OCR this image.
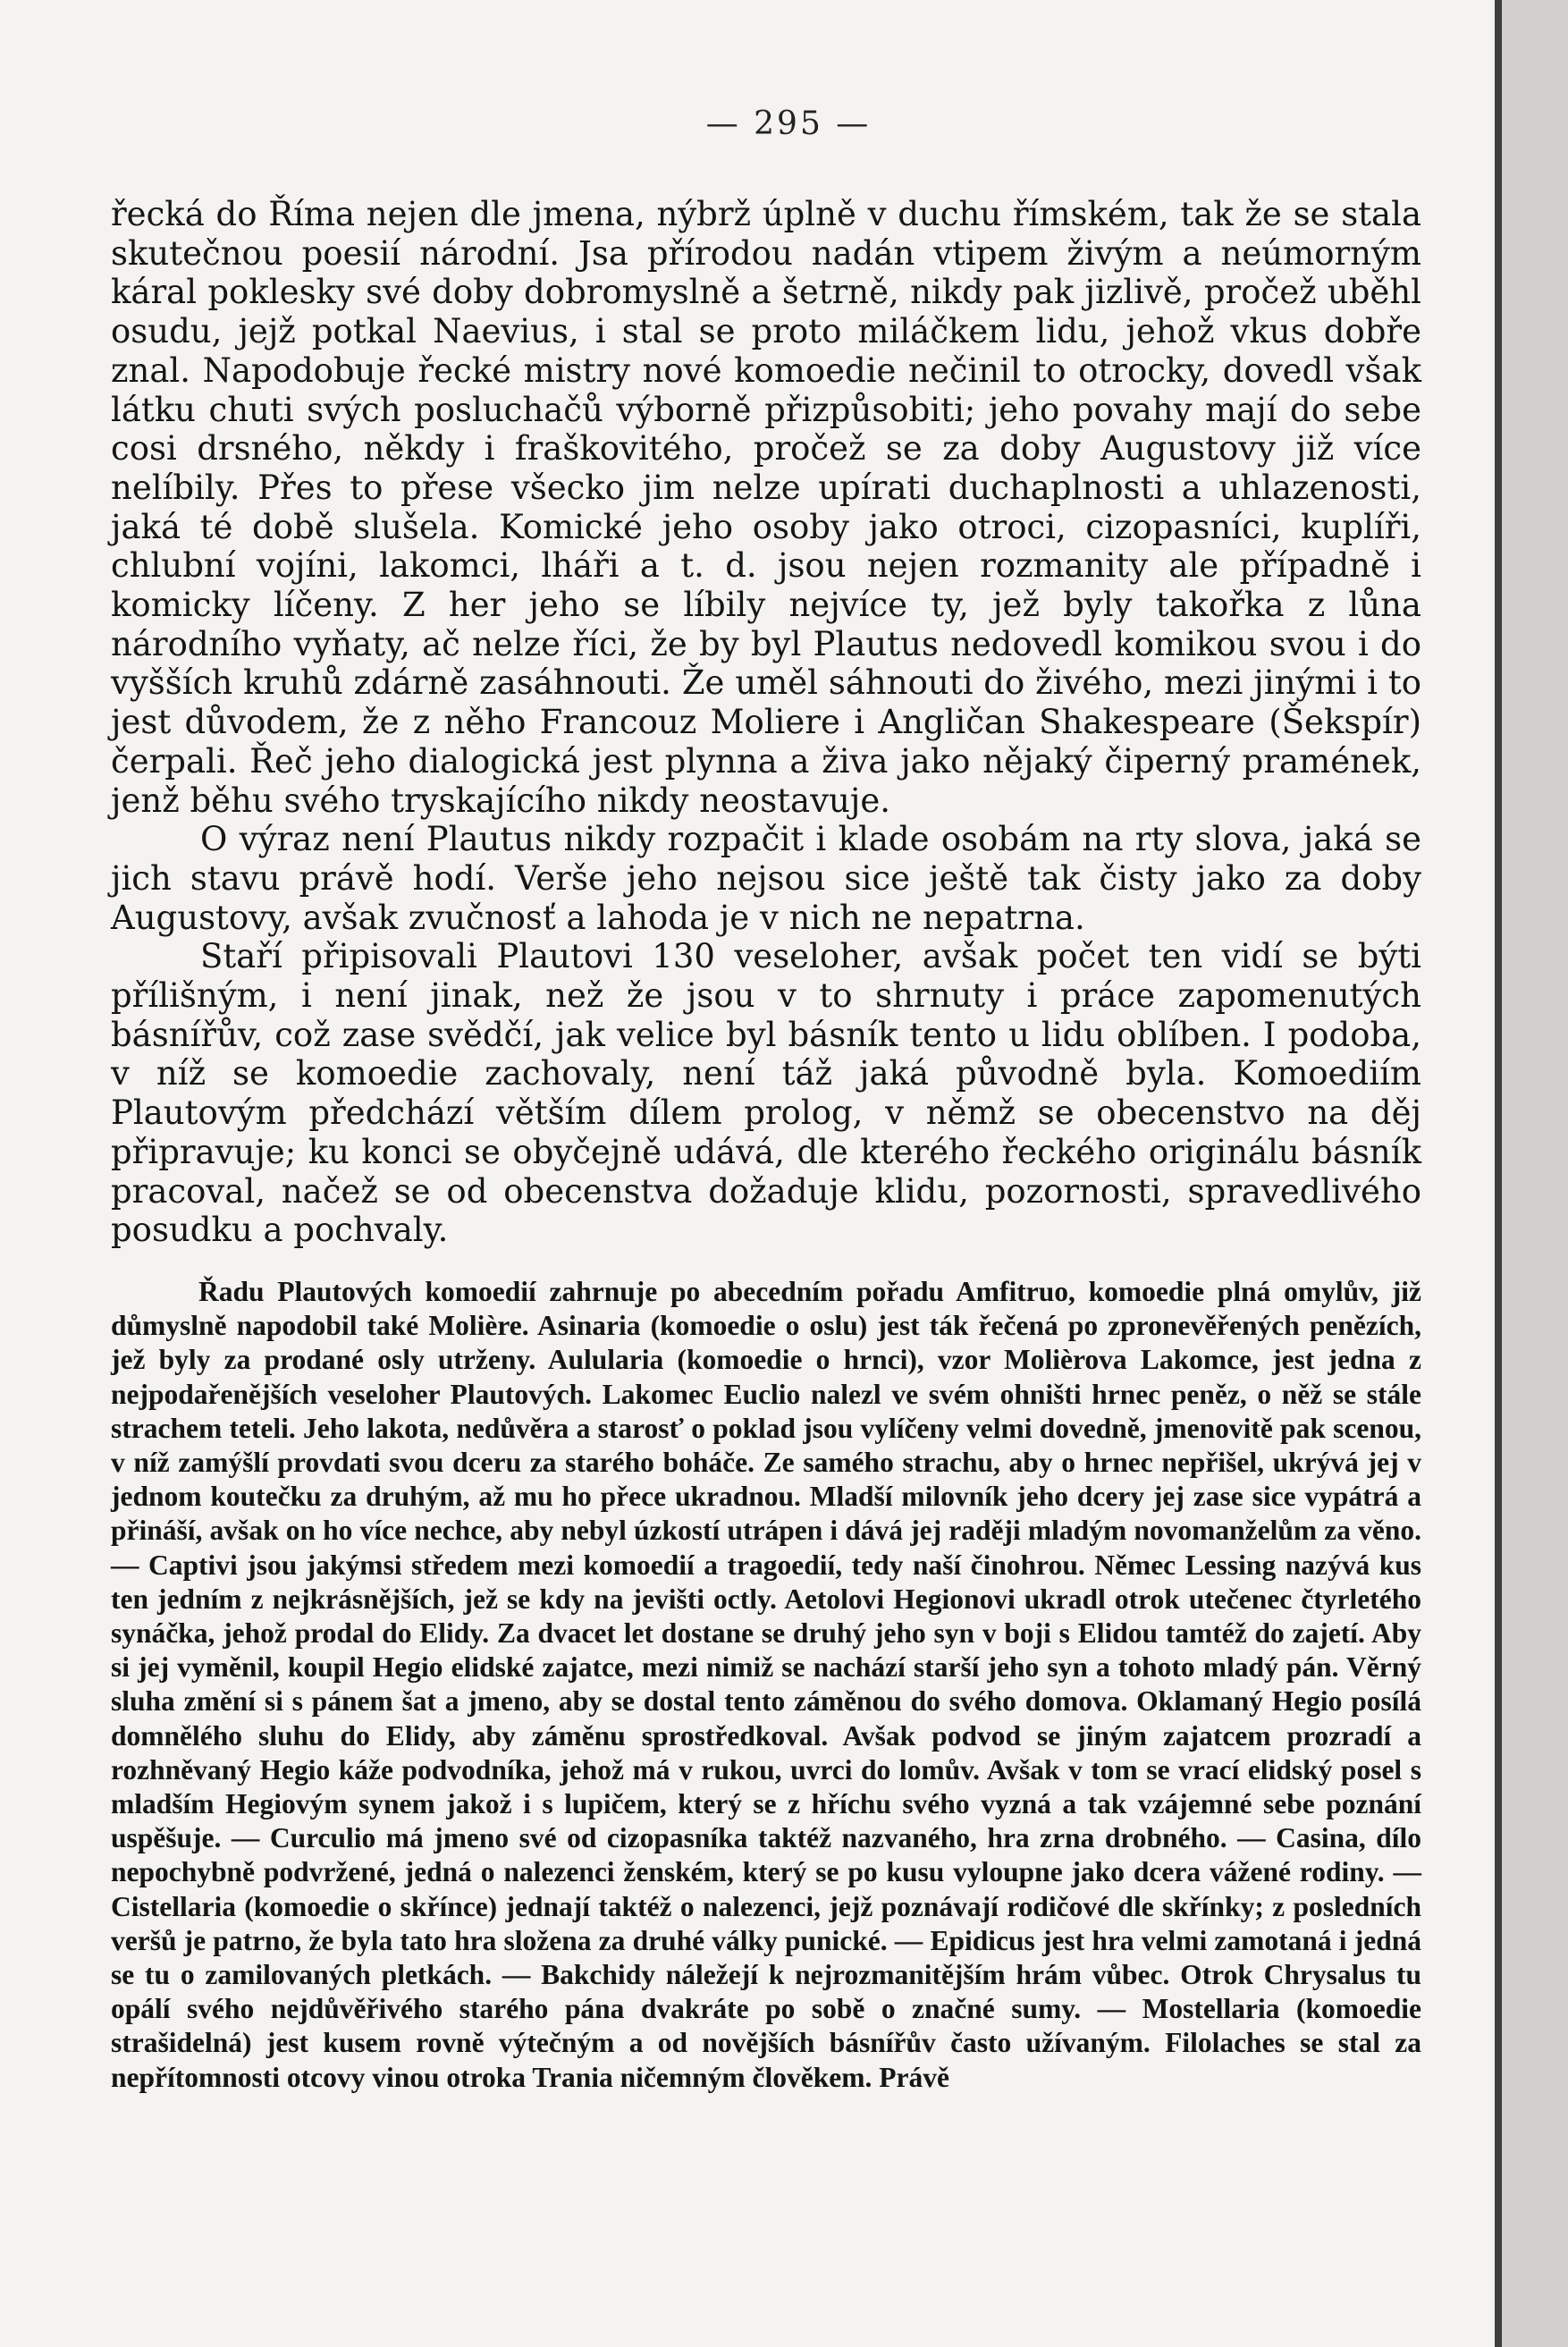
— 295 —

řecká do Říma nejen dle jmena, nýbrž úplně v duchu římském, tak že se stala skutečnou poesií národní. Jsa přírodou nadán vtipem živým a neúmorným káral poklesky své doby dobromyslně a šetrně, nikdy pak jizlivě, pročež uběhl osudu, jejž potkal Naevius, i stal se proto miláčkem lidu, jehož vkus dobře znal. Napodobuje řecké mistry nové komoedie nečinil to otrocky, dovedl však látku chuti svých posluchačů výborně přizpůsobiti; jeho povahy mají do sebe cosi drsného, někdy i fraškovitého, pročež se za doby Augustovy již více nelíbily. Přes to přese všecko jim nelze upírati duchaplnosti a uhlazenosti, jaká té době slušela. Komické jeho osoby jako otroci, cizopasníci, kuplíři, chlubní vojíni, lakomci, lháři a t. d. jsou nejen rozmanity ale případně i komicky líčeny. Z her jeho se líbily nejvíce ty, jež byly takořka z lůna národního vyňaty, ač nelze říci, že by byl Plautus nedovedl komikou svou i do vyšších kruhů zdárně zasáhnouti. Že uměl sáhnouti do živého, mezi jinými i to jest důvodem, že z něho Francouz Moliere i Angličan Shakespeare (Šekspír) čerpali. Řeč jeho dialogická jest plynna a živa jako nějaký čiperný pramének, jenž běhu svého tryskajícího nikdy neostavuje.

O výraz není Plautus nikdy rozpačit i klade osobám na rty slova, jaká se jich stavu právě hodí. Verše jeho nejsou sice ještě tak čisty jako za doby Augustovy, avšak zvučnosť a lahoda je v nich ne nepatrna.

Staří připisovali Plautovi 130 veseloher, avšak počet ten vidí se býti přílišným, i není jinak, než že jsou v to shrnuty i práce zapomenutých básnířův, což zase svědčí, jak velice byl básník tento u lidu oblíben. I podoba, v níž se komoedie zachovaly, není táž jaká původně byla. Komoediím Plautovým předchází větším dílem prolog, v němž se obecenstvo na děj připravuje; ku konci se obyčejně udává, dle kterého řeckého originálu básník pracoval, načež se od obecenstva dožaduje klidu, pozornosti, spravedlivého posudku a pochvaly.

Řadu Plautových komoedií zahrnuje po abecedním pořadu Amfitruo, komoedie plná omylův, již důmyslně napodobil také Molière. Asinaria (komoedie o oslu) jest ták řečená po zpronevěřených penězích, jež byly za prodané osly utrženy. Aulularia (komoedie o hrnci), vzor Molièrova Lakomce, jest jedna z nejpodařenějších veseloher Plautových. Lakomec Euclio nalezl ve svém ohništi hrnec peněz, o něž se stále strachem teteli. Jeho lakota, nedůvěra a starosť o poklad jsou vylíčeny velmi dovedně, jmenovitě pak scenou, v níž zamýšlí provdati svou dceru za starého boháče. Ze samého strachu, aby o hrnec nepřišel, ukrývá jej v jednom koutečku za druhým, až mu ho přece ukradnou. Mladší milovník jeho dcery jej zase sice vypátrá a přináší, avšak on ho více nechce, aby nebyl úzkostí utrápen i dává jej raději mladým novomanželům za věno. — Captivi jsou jakýmsi středem mezi komoedií a tragoedií, tedy naší činohrou. Němec Lessing nazývá kus ten jedním z nejkrásnějších, jež se kdy na jevišti octly. Aetolovi Hegionovi ukradl otrok utečenec čtyrletého synáčka, jehož prodal do Elidy. Za dvacet let dostane se druhý jeho syn v boji s Elidou tamtéž do zajetí. Aby si jej vyměnil, koupil Hegio elidské zajatce, mezi nimiž se nachází starší jeho syn a tohoto mladý pán. Věrný sluha změní si s pánem šat a jmeno, aby se dostal tento záměnou do svého domova. Oklamaný Hegio posílá domnělého sluhu do Elidy, aby záměnu sprostředkoval. Avšak podvod se jiným zajatcem prozradí a rozhněvaný Hegio káže podvodníka, jehož má v rukou, uvrci do lomův. Avšak v tom se vrací elidský posel s mladším Hegiovým synem jakož i s lupičem, který se z hříchu svého vyzná a tak vzájemné sebe poznání uspěšuje. — Curculio má jmeno své od cizopasníka taktéž nazvaného, hra zrna drobného. — Casina, dílo nepochybně podvržené, jedná o nalezenci ženském, který se po kusu vyloupne jako dcera vážené rodiny. — Cistellaria (komoedie o skřínce) jednají taktéž o nalezenci, jejž poznávají rodičové dle skřínky; z posledních veršů je patrno, že byla tato hra složena za druhé války punické. — Epidicus jest hra velmi zamotaná i jedná se tu o zamilovaných pletkách. — Bakchidy náležejí k nejrozmanitějším hrám vůbec. Otrok Chrysalus tu opálí svého nejdůvěřivého starého pána dvakráte po sobě o značné sumy. — Mostellaria (komoedie strašidelná) jest kusem rovně výtečným a od novějších básnířův často užívaným. Filolaches se stal za nepřítomnosti otcovy vinou otroka Trania ničemným člověkem. Právě
